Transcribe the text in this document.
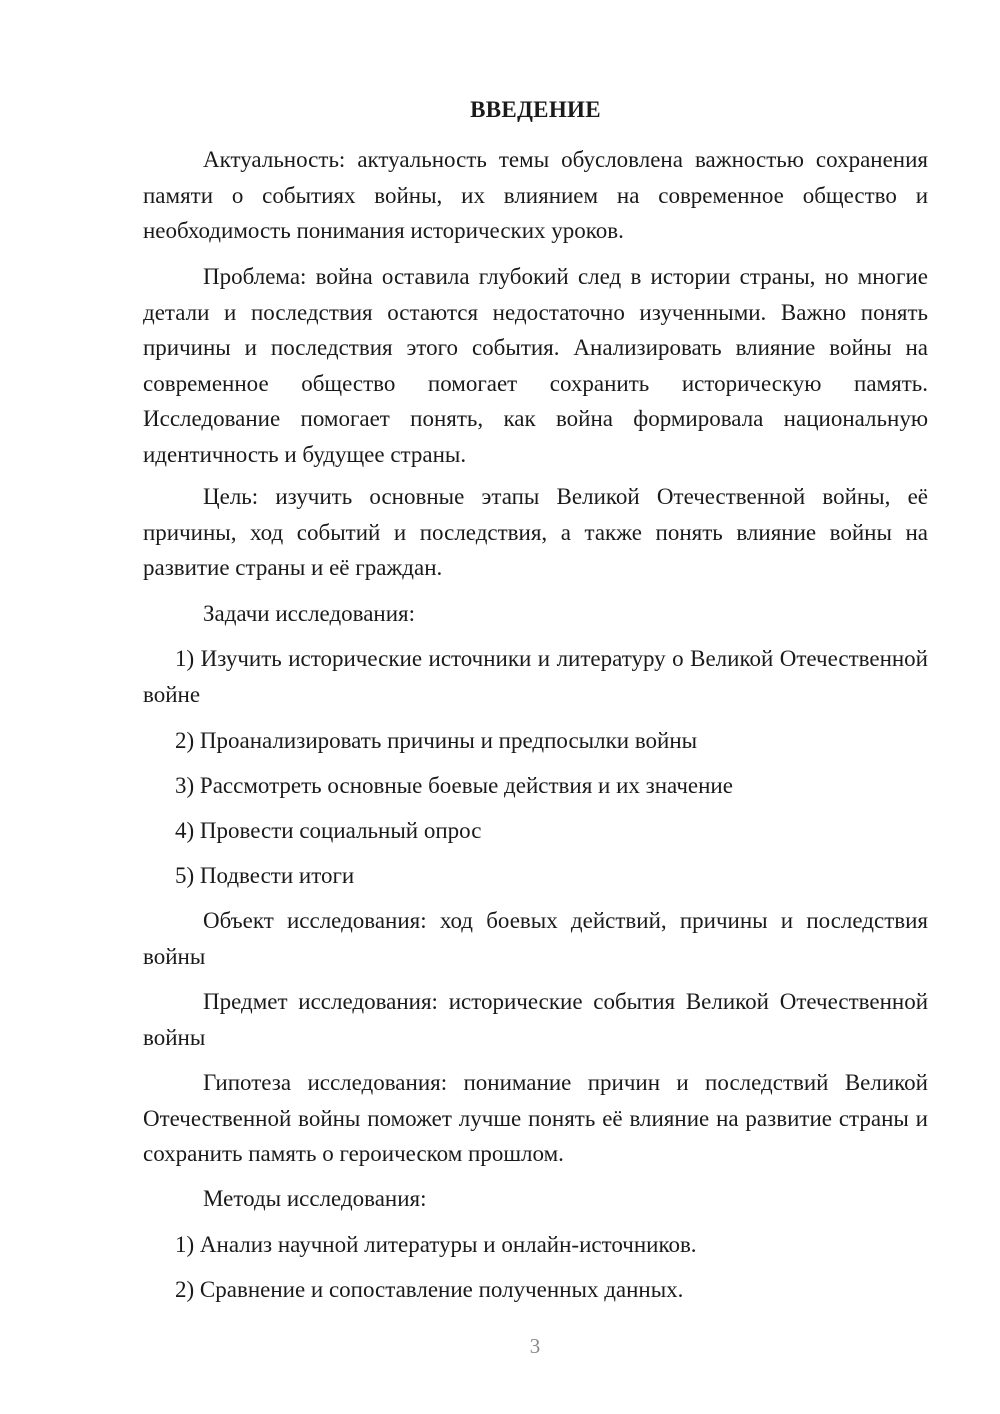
ВВЕДЕНИЕ

Актуальность: актуальность темы обусловлена важностью сохранения памяти о событиях войны, их влиянием на современное общество и необходимость понимания исторических уроков.

Проблема: война оставила глубокий след в истории страны, но многие детали и последствия остаются недостаточно изученными. Важно понять причины и последствия этого события. Анализировать влияние войны на современное общество помогает сохранить историческую память. Исследование помогает понять, как война формировала национальную идентичность и будущее страны.

Цель: изучить основные этапы Великой Отечественной войны, её причины, ход событий и последствия, а также понять влияние войны на развитие страны и её граждан.

Задачи исследования:

1) Изучить исторические источники и литературу о Великой Отечественной войне

2) Проанализировать причины и предпосылки войны
3) Рассмотреть основные боевые действия и их значение
4) Провести социальный опрос
5) Подвести итоги

Объект исследования: ход боевых действий, причины и последствия войны

Предмет исследования: исторические события Великой Отечественной войны

Гипотеза исследования: понимание причин и последствий Великой Отечественной войны поможет лучше понять её влияние на развитие страны и сохранить память о героическом прошлом.

Методы исследования:
1) Анализ научной литературы и онлайн-источников.
2) Сравнение и сопоставление полученных данных.
3
